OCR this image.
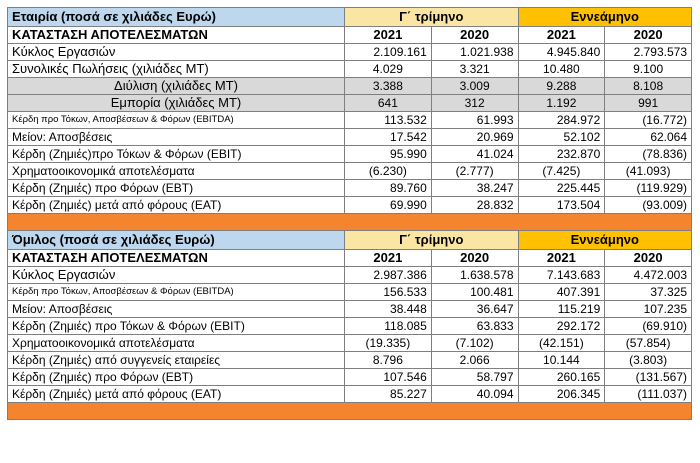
Εταιρία (ποσά σε χιλιάδες Ευρώ)	Γ΄ τρίμηνο		Εννεάμηνο	
ΚΑΤΑΣΤΑΣΗ ΑΠΟΤΕΛΕΣΜΑΤΩΝ	2021	2020	2021	2020
Κύκλος Εργασιών	2.109.161	1.021.938	4.945.840	2.793.573
Συνολικές Πωλήσεις (χιλιάδες ΜΤ)	4.029	3.321	10.480	9.100
Διύλιση (χιλιάδες ΜΤ)	3.388	3.009	9.288	8.108
Εμπορία (χιλιάδες ΜΤ)	641	312	1.192	991
Κέρδη προ Τόκων, Αποσβέσεων & Φόρων (EBITDA)	113.532	61.993	284.972	(16.772)
Μείον: Αποσβέσεις	17.542	20.969	52.102	62.064
Κέρδη (Ζημιές)προ Τόκων & Φόρων (EBIT)	95.990	41.024	232.870	(78.836)
Χρηματοοικονομικά αποτελέσματα	(6.230)	(2.777)	(7.425)	(41.093)
Κέρδη (Ζημιές) προ Φόρων (EBT)	89.760	38.247	225.445	(119.929)
Κέρδη (Ζημιές) μετά από φόρους (EAT)	69.990	28.832	173.504	(93.009)

Όμιλος (ποσά σε χιλιάδες Ευρώ)	Γ΄ τρίμηνο		Εννεάμηνο	
ΚΑΤΑΣΤΑΣΗ ΑΠΟΤΕΛΕΣΜΑΤΩΝ	2021	2020	2021	2020
Κύκλος Εργασιών	2.987.386	1.638.578	7.143.683	4.472.003
Κέρδη προ Τόκων, Αποσβέσεων & Φόρων (EBITDA)	156.533	100.481	407.391	37.325
Μείον: Αποσβέσεις	38.448	36.647	115.219	107.235
Κέρδη (Ζημιές) προ Τόκων & Φόρων (EBIT)	118.085	63.833	292.172	(69.910)
Χρηματοοικονομικά αποτελέσματα	(19.335)	(7.102)	(42.151)	(57.854)
Κέρδη (Ζημιές) από συγγενείς εταιρείες	8.796	2.066	10.144	(3.803)
Κέρδη (Ζημιές) προ Φόρων (EBT)	107.546	58.797	260.165	(131.567)
Κέρδη (Ζημιές) μετά από φόρους (EAT)	85.227	40.094	206.345	(111.037)
